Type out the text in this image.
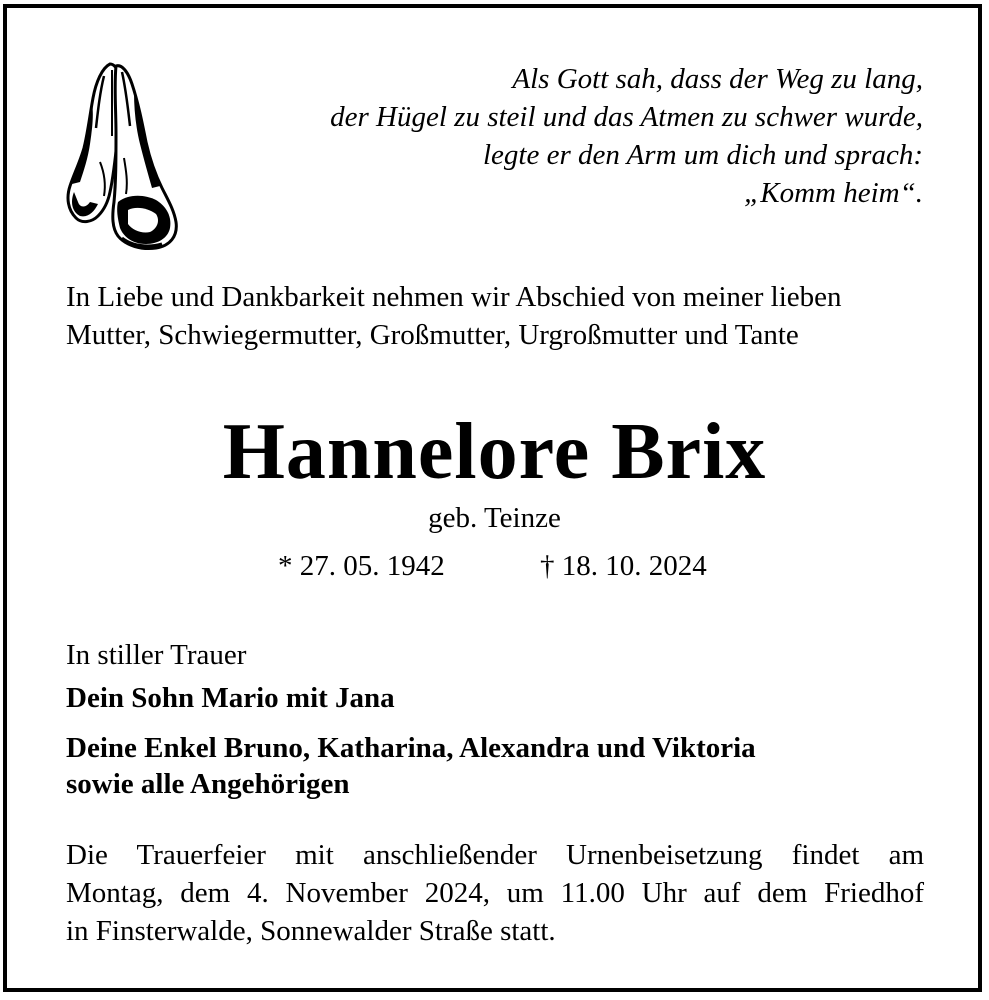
Als Gott sah, dass der Weg zu lang,
der Hügel zu steil und das Atmen zu schwer wurde,
legte er den Arm um dich und sprach:
„Komm heim“.
In Liebe und Dankbarkeit nehmen wir Abschied von meiner lieben
Mutter, Schwiegermutter, Großmutter, Urgroßmutter und Tante
Hannelore Brix
geb. Teinze
* 27. 05. 1942	† 18. 10. 2024
In stiller Trauer
Dein Sohn Mario mit Jana
Deine Enkel Bruno, Katharina, Alexandra und Viktoria
sowie alle Angehörigen
Die Trauerfeier mit anschließender Urnenbeisetzung findet am
Montag, dem 4. November 2024, um 11.00 Uhr auf dem Friedhof
in Finsterwalde, Sonnewalder Straße statt.
